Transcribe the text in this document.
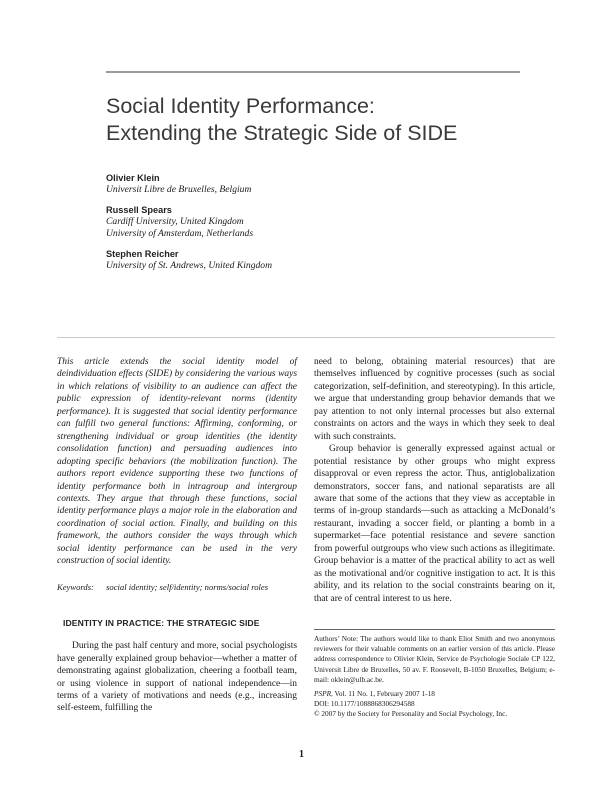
Social Identity Performance:
Extending the Strategic Side of SIDE
Olivier Klein
Universit Libre de Bruxelles, Belgium
Russell Spears
Cardiff University, United Kingdom
University of Amsterdam, Netherlands
Stephen Reicher
University of St. Andrews, United Kingdom

This article extends the social identity model of deindividuation effects (SIDE) by considering the various ways in which relations of visibility to an audience can affect the public expression of identity-relevant norms (identity performance). It is suggested that social identity performance can fulfill two general functions: Affirming, conforming, or strengthening individual or group identities (the identity consolidation function) and persuading audiences into adopting specific behaviors (the mobilization function). The authors report evidence supporting these two functions of identity performance both in intragroup and intergroup contexts. They argue that through these functions, social identity performance plays a major role in the elaboration and coordination of social action. Finally, and building on this framework, the authors consider the ways through which social identity performance can be used in the very construction of social identity.

Keywords: social identity; self/identity; norms/social roles

IDENTITY IN PRACTICE: THE STRATEGIC SIDE

During the past half century and more, social psychologists have generally explained group behavior—whether a matter of demonstrating against globalization, cheering a football team, or using violence in support of national independence—in terms of a variety of motivations and needs (e.g., increasing self-esteem, fulfilling the

need to belong, obtaining material resources) that are themselves influenced by cognitive processes (such as social categorization, self-definition, and stereotyping). In this article, we argue that understanding group behavior demands that we pay attention to not only internal processes but also external constraints on actors and the ways in which they seek to deal with such constraints.

Group behavior is generally expressed against actual or potential resistance by other groups who might express disapproval or even repress the actor. Thus, antiglobalization demonstrators, soccer fans, and national separatists are all aware that some of the actions that they view as acceptable in terms of in-group standards—such as attacking a McDonald’s restaurant, invading a soccer field, or planting a bomb in a supermarket—face potential resistance and severe sanction from powerful outgroups who view such actions as illegitimate. Group behavior is a matter of the practical ability to act as well as the motivational and/or cognitive instigation to act. It is this ability, and its relation to the social constraints bearing on it, that are of central interest to us here.

Authors’ Note: The authors would like to thank Eliot Smith and two anonymous reviewers for their valuable comments on an earlier version of this article. Please address correspondence to Olivier Klein, Service de Psychologie Sociale CP 122, Universit Libre de Bruxelles, 50 av. F. Roosevelt, B-1050 Bruxelles, Belgium; e-mail: oklein@ulb.ac.be.
PSPR, Vol. 11 No. 1, February 2007 1-18
DOI: 10.1177/1088868306294588
© 2007 by the Society for Personality and Social Psychology, Inc.
1
